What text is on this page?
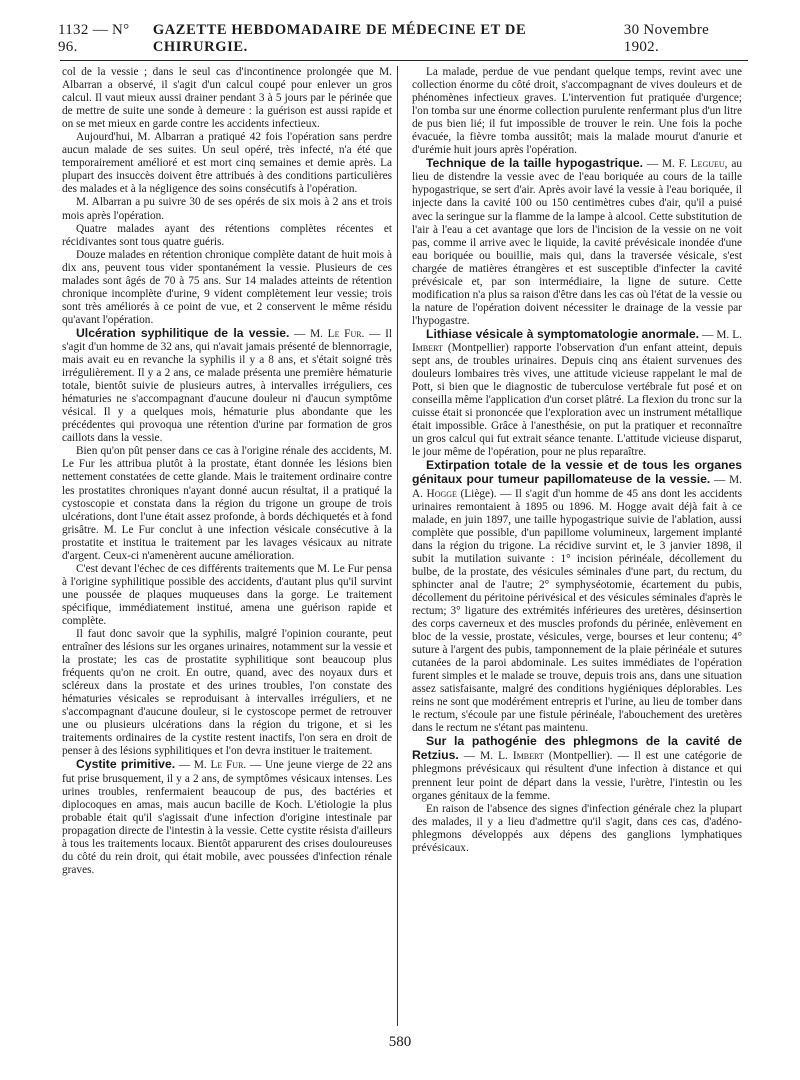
1132 — N° 96.
GAZETTE HEBDOMADAIRE DE MÉDECINE ET DE CHIRURGIE.
30 Novembre 1902.

col de la vessie ; dans le seul cas d'incontinence prolongée que M. Albarran a observé, il s'agit d'un calcul coupé pour enlever un gros calcul. Il vaut mieux aussi drainer pendant 3 à 5 jours par le périnée que de mettre de suite une sonde à demeure : la guérison est aussi rapide et on se met mieux en garde contre les accidents infectieux.

Aujourd'hui, M. Albarran a pratiqué 42 fois l'opération sans perdre aucun malade de ses suites. Un seul opéré, très infecté, n'a été que temporairement amélioré et est mort cinq semaines et demie après. La plupart des insuccès doivent être attribués à des conditions particulières des malades et à la négligence des soins consécutifs à l'opération.

M. Albarran a pu suivre 30 de ses opérés de six mois à 2 ans et trois mois après l'opération.

Quatre malades ayant des rétentions complètes récentes et récidivantes sont tous quatre guéris.

Douze malades en rétention chronique complète datant de huit mois à dix ans, peuvent tous vider spontanément la vessie. Plusieurs de ces malades sont âgés de 70 à 75 ans. Sur 14 malades atteints de rétention chronique incomplète d'urine, 9 vident complètement leur vessie; trois sont très améliorés à ce point de vue, et 2 conservent le même résidu qu'avant l'opération.

Ulcération syphilitique de la vessie. — M. Le Fur. — Il s'agit d'un homme de 32 ans, qui n'avait jamais présenté de blennorragie, mais avait eu en revanche la syphilis il y a 8 ans, et s'était soigné très irrégulièrement. Il y a 2 ans, ce malade présenta une première hématurie totale, bientôt suivie de plusieurs autres, à intervalles irréguliers, ces hématuries ne s'accompagnant d'aucune douleur ni d'aucun symptôme vésical. Il y a quelques mois, hématurie plus abondante que les précédentes qui provoqua une rétention d'urine par formation de gros caillots dans la vessie.

Bien qu'on pût penser dans ce cas à l'origine rénale des accidents, M. Le Fur les attribua plutôt à la prostate, étant donnée les lésions bien nettement constatées de cette glande. Mais le traitement ordinaire contre les prostatites chroniques n'ayant donné aucun résultat, il a pratiqué la cystoscopie et constata dans la région du trigone un groupe de trois ulcérations, dont l'une était assez profonde, à bords déchiquetés et à fond grisâtre. M. Le Fur conclut à une infection vésicale consécutive à la prostatite et institua le traitement par les lavages vésicaux au nitrate d'argent. Ceux-ci n'amenèrent aucune amélioration.

C'est devant l'échec de ces différents traitements que M. Le Fur pensa à l'origine syphilitique possible des accidents, d'autant plus qu'il survint une poussée de plaques muqueuses dans la gorge. Le traitement spécifique, immédiatement institué, amena une guérison rapide et complète.

Il faut donc savoir que la syphilis, malgré l'opinion courante, peut entraîner des lésions sur les organes urinaires, notamment sur la vessie et la prostate; les cas de prostatite syphilitique sont beaucoup plus fréquents qu'on ne croit. En outre, quand, avec des noyaux durs et scléreux dans la prostate et des urines troubles, l'on constate des hématuries vésicales se reproduisant à intervalles irréguliers, et ne s'accompagnant d'aucune douleur, si le cystoscope permet de retrouver une ou plusieurs ulcérations dans la région du trigone, et si les traitements ordinaires de la cystite restent inactifs, l'on sera en droit de penser à des lésions syphilitiques et l'on devra instituer le traitement.

Cystite primitive. — M. Le Fur. — Une jeune vierge de 22 ans fut prise brusquement, il y a 2 ans, de symptômes vésicaux intenses. Les urines troubles, renfermaient beaucoup de pus, des bactéries et diplocoques en amas, mais aucun bacille de Koch. L'étiologie la plus probable était qu'il s'agissait d'une infection d'origine intestinale par propagation directe de l'intestin à la vessie. Cette cystite résista d'ailleurs à tous les traitements locaux. Bientôt apparurent des crises douloureuses du côté du rein droit, qui était mobile, avec poussées d'infection rénale graves.

La malade, perdue de vue pendant quelque temps, revint avec une collection énorme du côté droit, s'accompagnant de vives douleurs et de phénomènes infectieux graves. L'intervention fut pratiquée d'urgence; l'on tomba sur une énorme collection purulente renfermant plus d'un litre de pus bien lié; il fut impossible de trouver le rein. Une fois la poche évacuée, la fièvre tomba aussitôt; mais la malade mourut d'anurie et d'urémie huit jours après l'opération.

Technique de la taille hypogastrique. — M. F. Legueu, au lieu de distendre la vessie avec de l'eau boriquée au cours de la taille hypogastrique, se sert d'air. Après avoir lavé la vessie à l'eau boriquée, il injecte dans la cavité 100 ou 150 centimètres cubes d'air, qu'il a puisé avec la seringue sur la flamme de la lampe à alcool. Cette substitution de l'air à l'eau a cet avantage que lors de l'incision de la vessie on ne voit pas, comme il arrive avec le liquide, la cavité prévésicale inondée d'une eau boriquée ou bouillie, mais qui, dans la traversée vésicale, s'est chargée de matières étrangères et est susceptible d'infecter la cavité prévésicale et, par son intermédiaire, la ligne de suture. Cette modification n'a plus sa raison d'être dans les cas où l'état de la vessie ou la nature de l'opération doivent nécessiter le drainage de la vessie par l'hypogastre.

Lithiase vésicale à symptomatologie anormale. — M. L. Imbert (Montpellier) rapporte l'observation d'un enfant atteint, depuis sept ans, de troubles urinaires. Depuis cinq ans étaient survenues des douleurs lombaires très vives, une attitude vicieuse rappelant le mal de Pott, si bien que le diagnostic de tuberculose vertébrale fut posé et on conseilla même l'application d'un corset plâtré. La flexion du tronc sur la cuisse était si prononcée que l'exploration avec un instrument métallique était impossible. Grâce à l'anesthésie, on put la pratiquer et reconnaître un gros calcul qui fut extrait séance tenante. L'attitude vicieuse disparut, le jour même de l'opération, pour ne plus reparaître.

Extirpation totale de la vessie et de tous les organes génitaux pour tumeur papillomateuse de la vessie. — M. A. Hogge (Liège). — Il s'agit d'un homme de 45 ans dont les accidents urinaires remontaient à 1895 ou 1896. M. Hogge avait déjà fait à ce malade, en juin 1897, une taille hypogastrique suivie de l'ablation, aussi complète que possible, d'un papillome volumineux, largement implanté dans la région du trigone. La récidive survint et, le 3 janvier 1898, il subit la mutilation suivante : 1° incision périnéale, décollement du bulbe, de la prostate, des vésicules séminales d'une part, du rectum, du sphincter anal de l'autre; 2° symphyséotomie, écartement du pubis, décollement du péritoine périvésical et des vésicules séminales d'après le rectum; 3° ligature des extrémités inférieures des uretères, désinsertion des corps caverneux et des muscles profonds du périnée, enlèvement en bloc de la vessie, prostate, vésicules, verge, bourses et leur contenu; 4° suture à l'argent des pubis, tamponnement de la plaie périnéale et sutures cutanées de la paroi abdominale. Les suites immédiates de l'opération furent simples et le malade se trouve, depuis trois ans, dans une situation assez satisfaisante, malgré des conditions hygiéniques déplorables. Les reins ne sont que modérément entrepris et l'urine, au lieu de tomber dans le rectum, s'écoule par une fistule périnéale, l'abouchement des uretères dans le rectum ne s'étant pas maintenu.

Sur la pathogénie des phlegmons de la cavité de Retzius. — M. L. Imbert (Montpellier). — Il est une catégorie de phlegmons prévésicaux qui résultent d'une infection à distance et qui prennent leur point de départ dans la vessie, l'urètre, l'intestin ou les organes génitaux de la femme.

En raison de l'absence des signes d'infection générale chez la plupart des malades, il y a lieu d'admettre qu'il s'agit, dans ces cas, d'adéno-phlegmons développés aux dépens des ganglions lymphatiques prévésicaux.

580
